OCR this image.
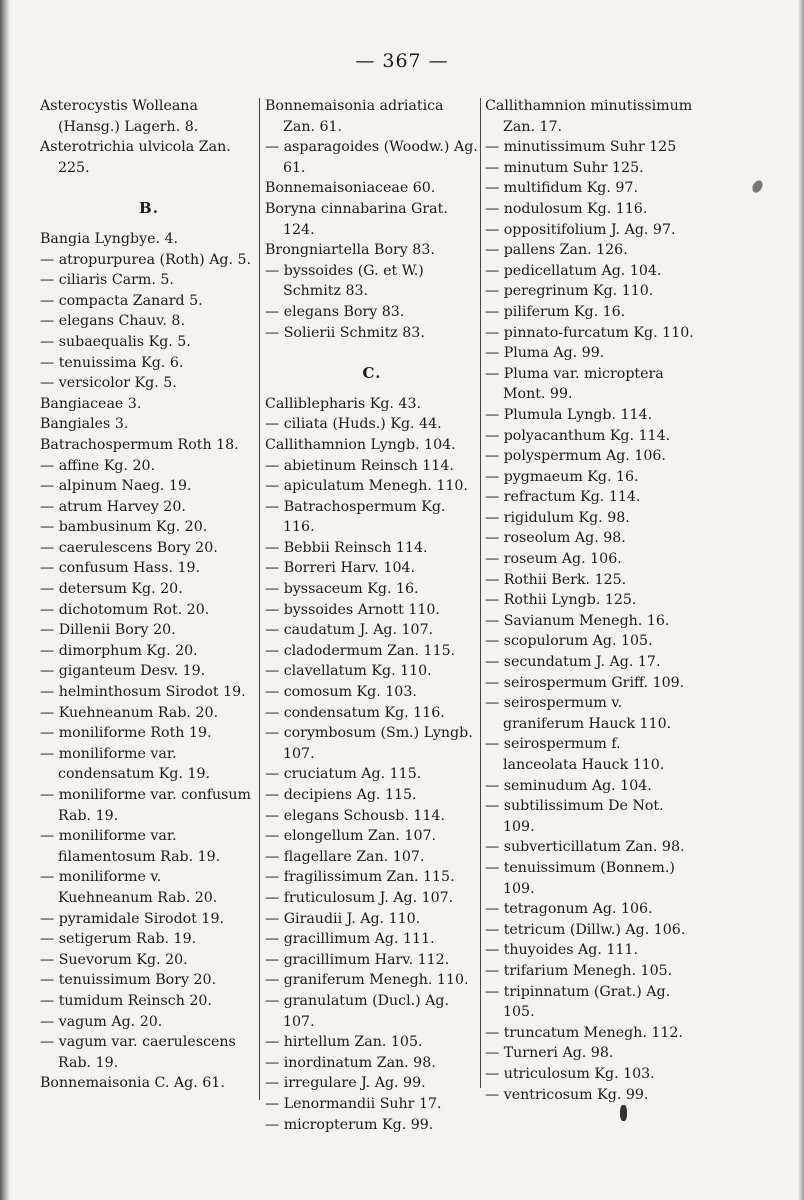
— 367 —

Asterocystis Wolleana (Hansg.) Lagerh. 8.

Asterotrichia ulvicola Zan. 225.

B.

Bangia Lyngbye. 4.

— atropurpurea (Roth) Ag. 5.

— ciliaris Carm. 5.

— compacta Zanard 5.

— elegans Chauv. 8.

— subaequalis Kg. 5.

— tenuissima Kg. 6.

— versicolor Kg. 5.

Bangiaceae 3.

Bangiales 3.

Batrachospermum Roth 18.

— affine Kg. 20.

— alpinum Naeg. 19.

— atrum Harvey 20.

— bambusinum Kg. 20.

— caerulescens Bory 20.

— confusum Hass. 19.

— detersum Kg. 20.

— dichotomum Rot. 20.

— Dillenii Bory 20.

— dimorphum Kg. 20.

— giganteum Desv. 19.

— helminthosum Sirodot 19.

— Kuehneanum Rab. 20.

— moniliforme Roth 19.

— moniliforme var. condensatum Kg. 19.

— moniliforme var. confusum Rab. 19.

— moniliforme var. filamentosum Rab. 19.

— moniliforme v. Kuehneanum Rab. 20.

— pyramidale Sirodot 19.

— setigerum Rab. 19.

— Suevorum Kg. 20.

— tenuissimum Bory 20.

— tumidum Reinsch 20.

— vagum Ag. 20.

— vagum var. caerulescens Rab. 19.

Bonnemaisonia C. Ag. 61.

Bonnemaisonia adriatica Zan. 61.

— asparagoides (Woodw.) Ag. 61.

Bonnemaisoniaceae 60.

Boryna cinnabarina Grat. 124.

Brongniartella Bory 83.

— byssoides (G. et W.) Schmitz 83.

— elegans Bory 83.

— Solierii Schmitz 83.

C.

Calliblepharis Kg. 43.

— ciliata (Huds.) Kg. 44.

Callithamnion Lyngb. 104.

— abietinum Reinsch 114.

— apiculatum Menegh. 110.

— Batrachospermum Kg. 116.

— Bebbii Reinsch 114.

— Borreri Harv. 104.

— byssaceum Kg. 16.

— byssoides Arnott 110.

— caudatum J. Ag. 107.

— cladodermum Zan. 115.

— clavellatum Kg. 110.

— comosum Kg. 103.

— condensatum Kg. 116.

— corymbosum (Sm.) Lyngb. 107.

— cruciatum Ag. 115.

— decipiens Ag. 115.

— elegans Schousb. 114.

— elongellum Zan. 107.

— flagellare Zan. 107.

— fragilissimum Zan. 115.

— fruticulosum J. Ag. 107.

— Giraudii J. Ag. 110.

— gracillimum Ag. 111.

— gracillimum Harv. 112.

— graniferum Menegh. 110.

— granulatum (Ducl.) Ag. 107.

— hirtellum Zan. 105.

— inordinatum Zan. 98.

— irregulare J. Ag. 99.

— Lenormandii Suhr 17.

— micropterum Kg. 99.

Callithamnion minutissimum Zan. 17.

— minutissimum Suhr 125

— minutum Suhr 125.

— multifidum Kg. 97.

— nodulosum Kg. 116.

— oppositifolium J. Ag. 97.

— pallens Zan. 126.

— pedicellatum Ag. 104.

— peregrinum Kg. 110.

— piliferum Kg. 16.

— pinnato-furcatum Kg. 110.

— Pluma Ag. 99.

— Pluma var. microptera Mont. 99.

— Plumula Lyngb. 114.

— polyacanthum Kg. 114.

— polyspermum Ag. 106.

— pygmaeum Kg. 16.

— refractum Kg. 114.

— rigidulum Kg. 98.

— roseolum Ag. 98.

— roseum Ag. 106.

— Rothii Berk. 125.

— Rothii Lyngb. 125.

— Savianum Menegh. 16.

— scopulorum Ag. 105.

— secundatum J. Ag. 17.

— seirospermum Griff. 109.

— seirospermum v. graniferum Hauck 110.

— seirospermum f. lanceolata Hauck 110.

— seminudum Ag. 104.

— subtilissimum De Not. 109.

— subverticillatum Zan. 98.

— tenuissimum (Bonnem.) 109.

— tetragonum Ag. 106.

— tetricum (Dillw.) Ag. 106.

— thuyoides Ag. 111.

— trifarium Menegh. 105.

— tripinnatum (Grat.) Ag. 105.

— truncatum Menegh. 112.

— Turneri Ag. 98.

— utriculosum Kg. 103.

— ventricosum Kg. 99.
